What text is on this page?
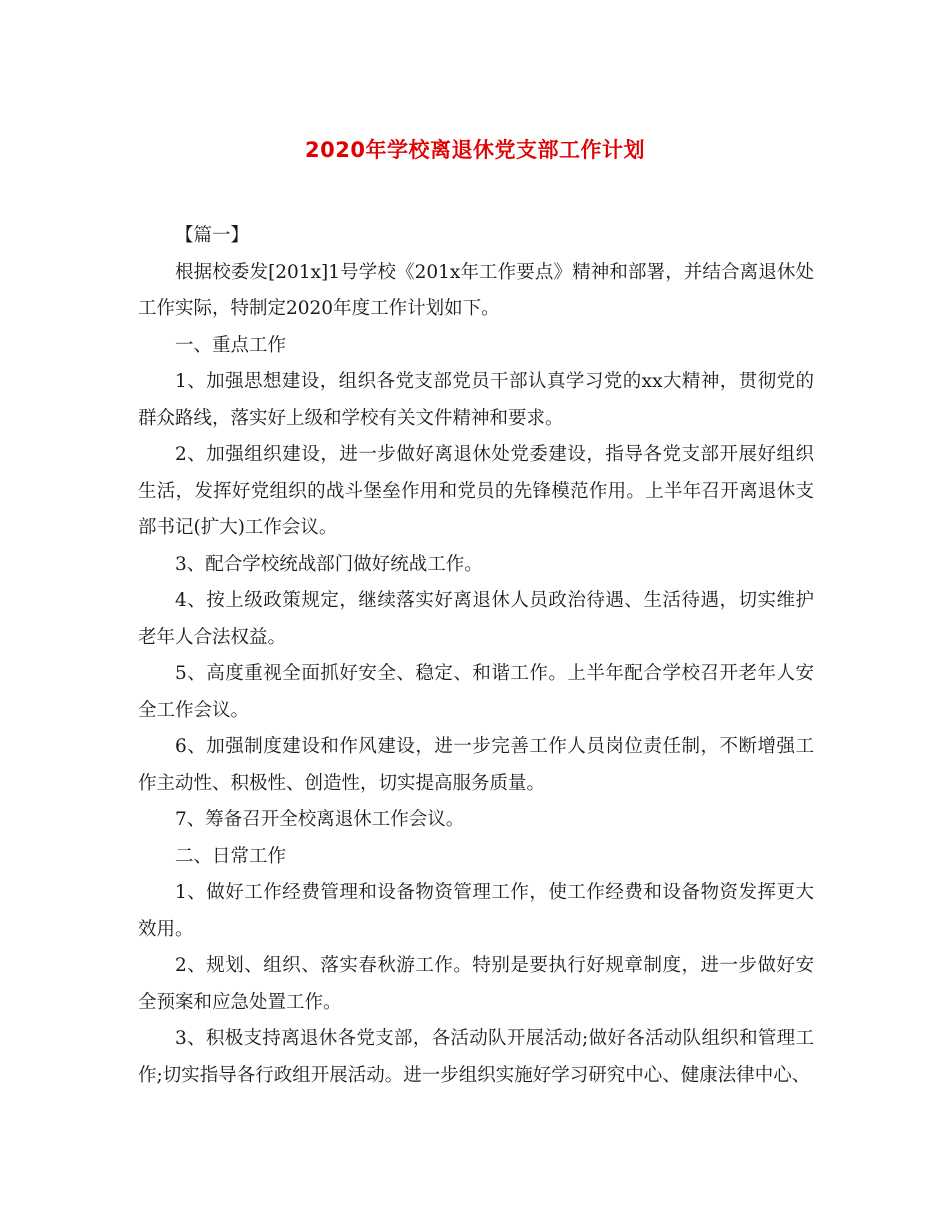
2020年学校离退休党支部工作计划

【篇一】

根据校委发[201x]1号学校《201x年工作要点》精神和部署，并结合离退休处工作实际，特制定2020年度工作计划如下。

一、重点工作

1、加强思想建设，组织各党支部党员干部认真学习党的xx大精神，贯彻党的群众路线，落实好上级和学校有关文件精神和要求。

2、加强组织建设，进一步做好离退休处党委建设，指导各党支部开展好组织生活，发挥好党组织的战斗堡垒作用和党员的先锋模范作用。上半年召开离退休支部书记(扩大)工作会议。

3、配合学校统战部门做好统战工作。

4、按上级政策规定，继续落实好离退休人员政治待遇、生活待遇，切实维护老年人合法权益。

5、高度重视全面抓好安全、稳定、和谐工作。上半年配合学校召开老年人安全工作会议。

6、加强制度建设和作风建设，进一步完善工作人员岗位责任制，不断增强工作主动性、积极性、创造性，切实提高服务质量。

7、筹备召开全校离退休工作会议。

二、日常工作

1、做好工作经费管理和设备物资管理工作，使工作经费和设备物资发挥更大效用。

2、规划、组织、落实春秋游工作。特别是要执行好规章制度，进一步做好安全预案和应急处置工作。

3、积极支持离退休各党支部，各活动队开展活动;做好各活动队组织和管理工作;切实指导各行政组开展活动。进一步组织实施好学习研究中心、健康法律中心、
